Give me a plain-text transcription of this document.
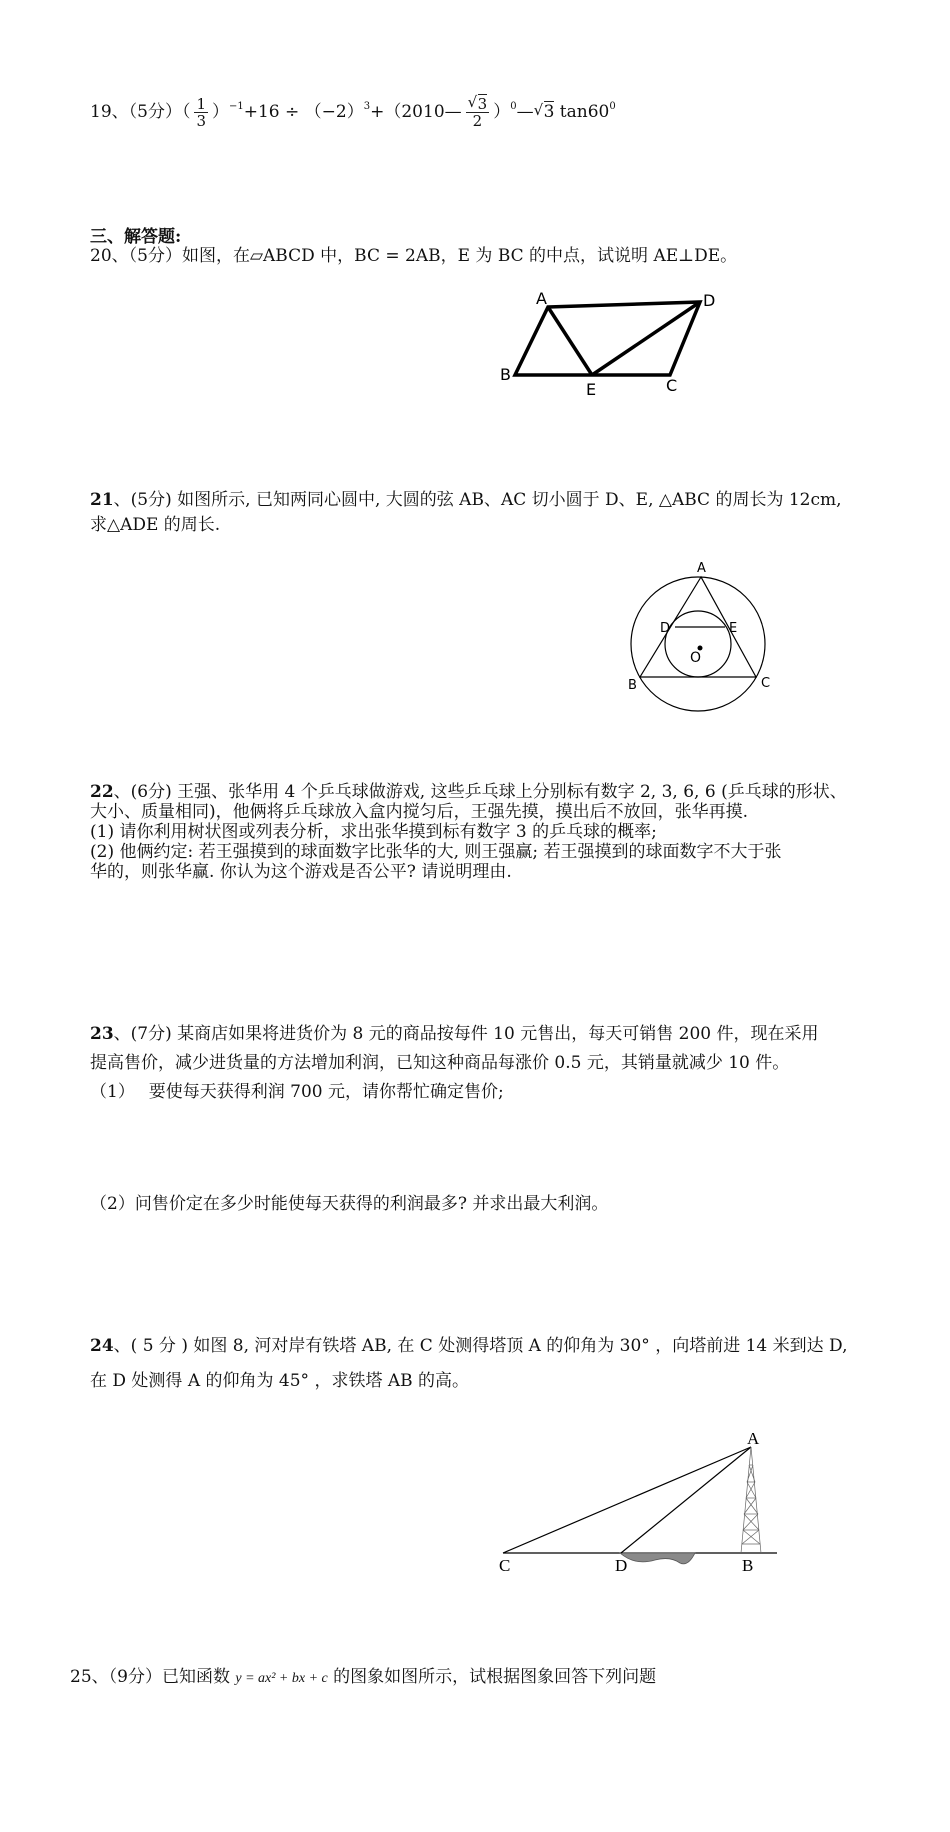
19、（5分）（ $\frac{1}{3} )^{-1}+16$ ÷ $(-2)^3+(2010—$ √ $\frac{3}{2}$ ）$^0$— √ 3 $\tan 60^0$
三、解答题:
20、（5分）如图，在▱ABCD 中，BC = 2AB，E 为 BC 的中点，试说明 AE⊥DE。
A	D
B
E	C
21、(5分) 如图所示, 已知两同心圆中, 大圆的弦 AB、AC 切小圆于 D、E, △ABC 的周长为 12cm,
求△ADE 的周长.
A
D	E
O
B	C
22、(6分) 王强、张华用 4 个乒乓球做游戏, 这些乒乓球上分别标有数字 2, 3, 6, 6 (乒乓球的形状、
大小、质量相同)，他俩将乒乓球放入盒内搅匀后，王强先摸，摸出后不放回，张华再摸.
(1) 请你利用树状图或列表分析，求出张华摸到标有数字 3 的乒乓球的概率;
(2) 他俩约定: 若王强摸到的球面数字比张华的大, 则王强赢; 若王强摸到的球面数字不大于张
华的，则张华赢. 你认为这个游戏是否公平? 请说明理由.
23、(7分) 某商店如果将进货价为 8 元的商品按每件 10 元售出，每天可销售 200 件，现在采用
提高售价，减少进货量的方法增加利润，已知这种商品每涨价 0.5 元，其销量就减少 10 件。
（1）　 要使每天获得利润 700 元，请你帮忙确定售价;
（2）问售价定在多少时能使每天获得的利润最多? 并求出最大利润。
24、( 5 分 ) 如图 8, 河对岸有铁塔 AB, 在 C 处测得塔顶 A 的仰角为 30° ，向塔前进 14 米到达 D,
在 D 处测得 A 的仰角为 45° ，求铁塔 AB 的高。
A
C	D	B
25、（9分）已知函数 y = ax² + bx + c 的图象如图所示，试根据图象回答下列问题
